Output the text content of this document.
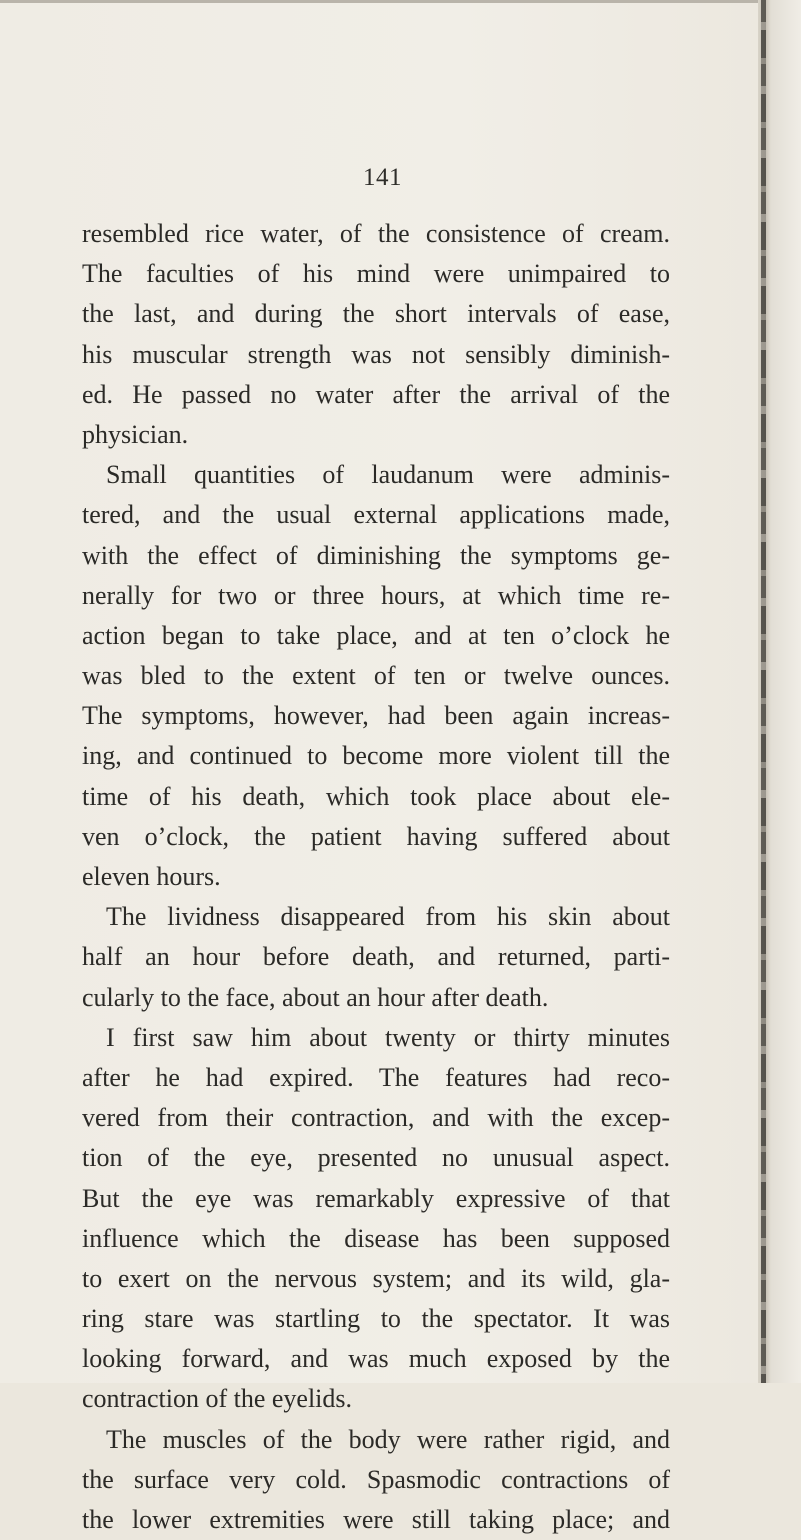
141
resembled rice water, of the consistence of cream.
The faculties of his mind were unimpaired to
the last, and during the short intervals of ease,
his muscular strength was not sensibly diminish-
ed. He passed no water after the arrival of the
physician.
Small quantities of laudanum were adminis-
tered, and the usual external applications made,
with the effect of diminishing the symptoms ge-
nerally for two or three hours, at which time re-
action began to take place, and at ten o’clock he
was bled to the extent of ten or twelve ounces.
The symptoms, however, had been again increas-
ing, and continued to become more violent till the
time of his death, which took place about ele-
ven o’clock, the patient having suffered about
eleven hours.
The lividness disappeared from his skin about
half an hour before death, and returned, parti-
cularly to the face, about an hour after death.
I first saw him about twenty or thirty minutes
after he had expired. The features had reco-
vered from their contraction, and with the excep-
tion of the eye, presented no unusual aspect.
But the eye was remarkably expressive of that
influence which the disease has been supposed
to exert on the nervous system; and its wild, gla-
ring stare was startling to the spectator. It was
looking forward, and was much exposed by the
contraction of the eyelids.
The muscles of the body were rather rigid, and
the surface very cold. Spasmodic contractions of
the lower extremities were still taking place; and
